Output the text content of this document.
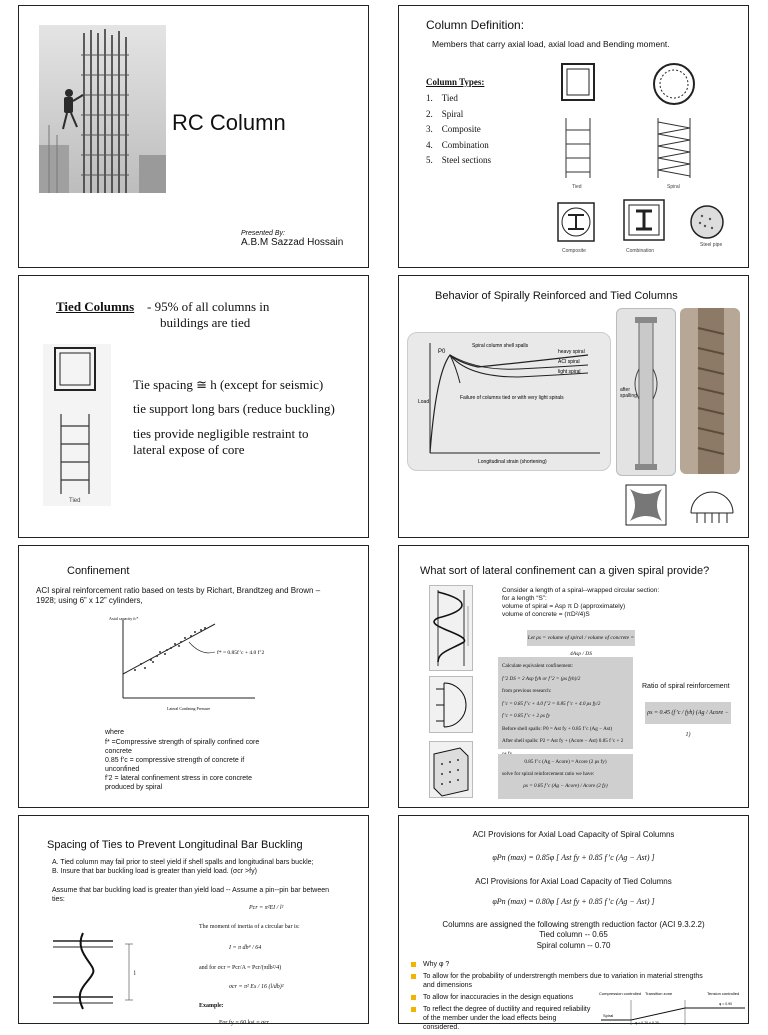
RC Column
Presented By:
A.B.M Sazzad Hossain
Column Definition:
Members that carry axial load, axial load and Bending moment.
Column Types:
1.    Tied
2.    Spiral
3.    Composite
4.    Combination
5.    Steel sections
Tied	Spiral
Composite	Combination
Steel pipe
Tied Columns - 95% of all columns in
buildings are tied
Tied
Tie spacing ≅ h (except for seismic)
tie support long bars (reduce buckling)
ties provide negligible restraint to lateral expose of core
Behavior of Spirally Reinforced and Tied Columns
Spiral column shell spalls
heavy spiral
ACI spiral
light spiral
Failure of columns tied or with very light spirals
Longitudinal strain (shortening)
Load
P0
after spalling
Confinement
ACI spiral reinforcement ratio based on tests by Richart, Brandtzeg and Brown – 1928; using 6” x 12” cylinders,
Axial capacity fc*
Lateral Confining Pressure
f* = 0.85f’c + 4.0 f’2
where
f* =Compressive strength of spirally confined core concrete
0.85 f’c = compressive strength of concrete if unconfined
f’2 = lateral confinement stress in core concrete produced by spiral
What sort of lateral confinement can a given spiral provide?
Consider a length of a spiral--wrapped circular section:
for a length “S”:
volume of spiral = Asp π D (approximately)
volume of concrete = (πD²/4)S
Let ρs = volume of spiral / volume of concrete = 4Asp / DS
Calculate equivalent confinement:
f’2 DS = 2 Asp fyh or f’2 = (ρs fyh)/2
from previous research:
f’c = 0.85 f’c + 4.0 f’2 = 0.85 f’c + 4.0 ρs fy/2
f’c = 0.85 f’c + 2 ρs fy
Before shell spalls: P0 = Ast fy + 0.85 f’c (Ag − Ast)
After shell spalls: P2 = Ast fy + (Acore − Ast) 0.85 f’c + 2
0.85 f’c (Ag − Acore) = Acore (2 ρs fy)
solve for spiral reinforcement ratio we have:
ρs = 0.85 f’c (Ag − Acore) / Acore (2 fy)
Ratio of spiral reinforcement
ρs = 0.45 (f’c / fyh) (Ag / Acore − 1)
Spacing of Ties to Prevent Longitudinal Bar Buckling
A. Tied column may fail prior to steel yield if shell spalls and longitudinal bars buckle;
B. Insure that bar buckling load is greater than yield load. (σcr >fy)
Assume that bar buckling load is greater than yield load -- Assume a pin--pin bar between ties:
l
Pcr = π²EI / l²
The moment of inertia of a circular bar is:
I = π db⁴ / 64
and for σcr = Pcr/A = Pcr/(πdb²/4)
σcr = π² Es / 16 (l/db)²
Example:
For fy = 60 ksi = σcr
ACI Provisions for Axial Load Capacity of Spiral Columns
φPn (max) = 0.85φ [ Ast fy + 0.85 f’c (Ag − Ast) ]
ACI Provisions for Axial Load Capacity of Tied Columns
φPn (max) = 0.80φ [ Ast fy + 0.85 f’c (Ag − Ast) ]
Columns are assigned the following strength reduction factor (ACI 9.3.2.2)
Tied column -- 0.65
Spiral column -- 0.70
Why φ ?
To allow for the probability of understrength members due to variation in material strengths and dimensions
To allow for inaccuracies in the design equations
To reflect the degree of ductility and required reliability of the member under the load effects being considered.
Compression controlled Transition zone	Tension controlled
Spiral
φ = 0.70 + 0.20...
φ = 0.90
